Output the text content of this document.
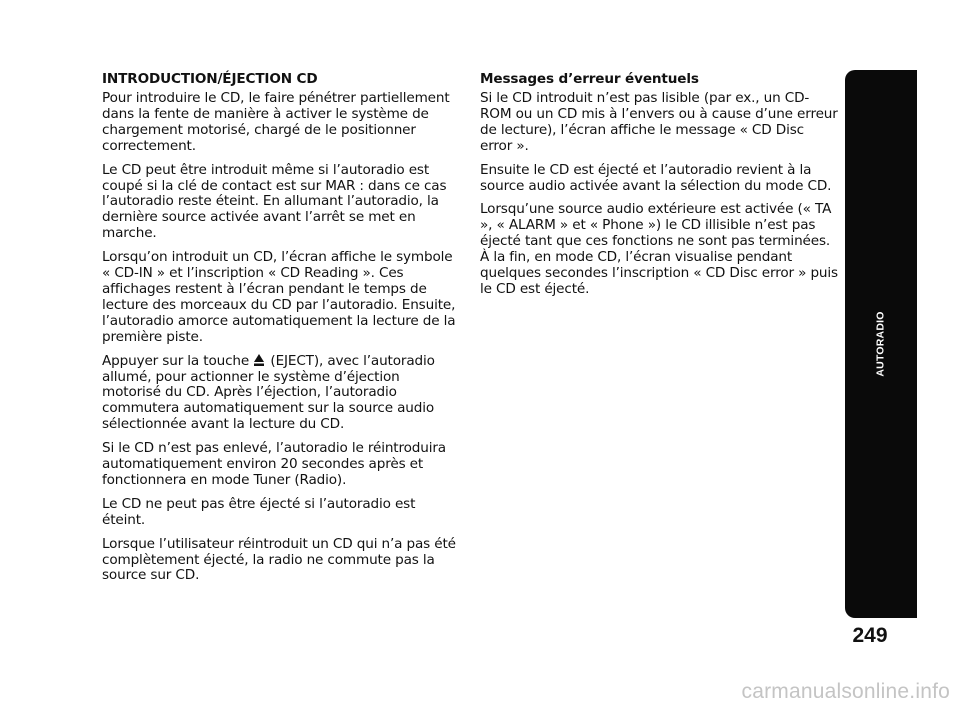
INTRODUCTION/ÉJECTION CD

Pour introduire le CD, le faire pénétrer partiellement dans la fente de manière à activer le système de chargement motorisé, chargé de le positionner correctement.

Le CD peut être introduit même si l’autoradio est coupé si la clé de contact est sur MAR : dans ce cas l’autoradio reste éteint. En allumant l’autoradio, la dernière source activée avant l’arrêt se met en marche.

Lorsqu’on introduit un CD, l’écran affiche le symbole « CD-IN » et l’inscription « CD Reading ». Ces affichages restent à l’écran pendant le temps de lecture des morceaux du CD par l’autoradio. Ensuite, l’autoradio amorce automatiquement la lecture de la première piste.

Appuyer sur la touche  (EJECT), avec l’autoradio allumé, pour actionner le système d’éjection motorisé du CD. Après l’éjection, l’autoradio commutera automatiquement sur la source audio sélectionnée avant la lecture du CD.

Si le CD n’est pas enlevé, l’autoradio le réintroduira automatiquement environ 20 secondes après et fonctionnera en mode Tuner (Radio).

Le CD ne peut pas être éjecté si l’autoradio est éteint.

Lorsque l’utilisateur réintroduit un CD qui n’a pas été complètement éjecté, la radio ne commute pas la source sur CD.

Messages d’erreur éventuels

Si le CD introduit n’est pas lisible (par ex., un CD-ROM ou un CD mis à l’envers ou à cause d’une erreur de lecture), l’écran affiche le message « CD Disc error ».

Ensuite le CD est éjecté et l’autoradio revient à la source audio activée avant la sélection du mode CD.

Lorsqu’une source audio extérieure est activée (« TA », « ALARM » et « Phone ») le CD illisible n’est pas éjecté tant que ces fonctions ne sont pas terminées. À la fin, en mode CD, l’écran visualise pendant quelques secondes l’inscription « CD Disc error » puis le CD est éjecté.

AUTORADIO
249
carmanualsonline.info
